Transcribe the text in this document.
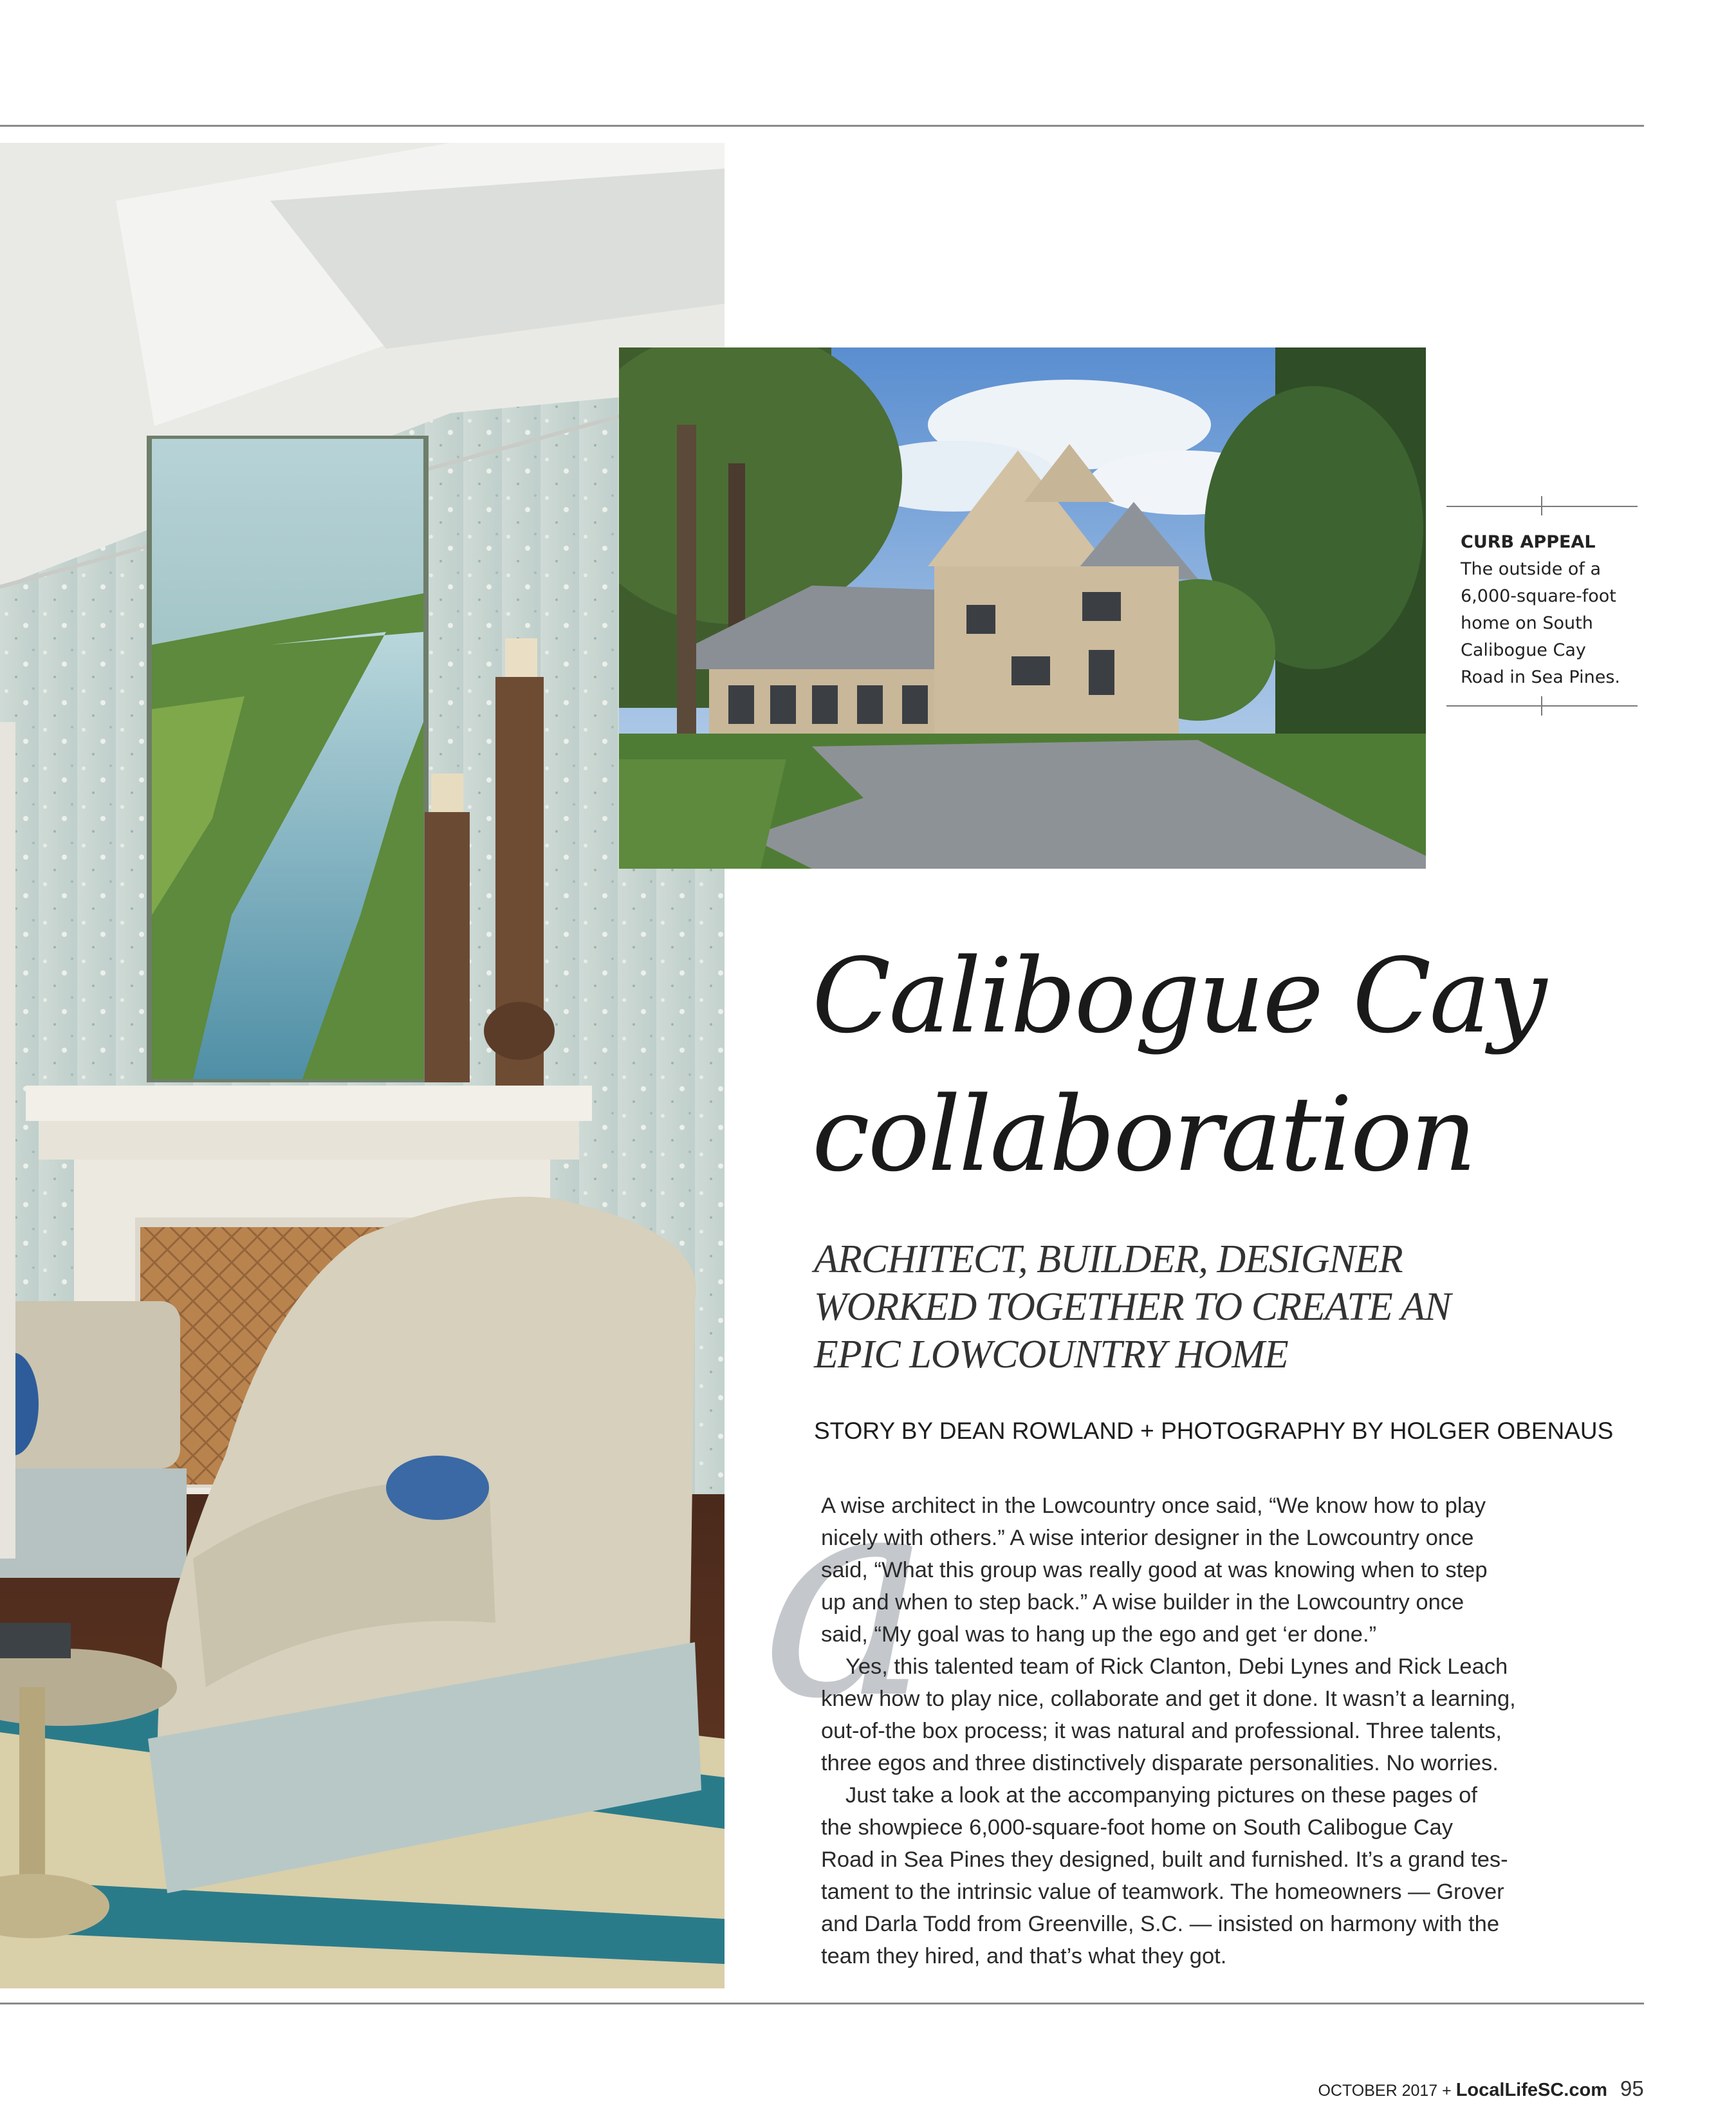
CURB APPEAL
The outside of a
6,000-square-foot
home on South
Calibogue Cay
Road in Sea Pines.
Calibogue Cay
collaboration
ARCHITECT, BUILDER, DESIGNER
WORKED TOGETHER TO CREATE AN
EPIC LOWCOUNTRY HOME
STORY BY DEAN ROWLAND + PHOTOGRAPHY BY HOLGER OBENAUS
a
A wise architect in the Lowcountry once said, “We know how to play
nicely with others.” A wise interior designer in the Lowcountry once
said, “What this group was really good at was knowing when to step
up and when to step back.” A wise builder in the Lowcountry once
said, “My goal was to hang up the ego and get ‘er done.”
Yes, this talented team of Rick Clanton, Debi Lynes and Rick Leach
knew how to play nice, collaborate and get it done. It wasn’t a learning,
out-of-the box process; it was natural and professional. Three talents,
three egos and three distinctively disparate personalities. No worries.
Just take a look at the accompanying pictures on these pages of
the showpiece 6,000-square-foot home on South Calibogue Cay
Road in Sea Pines they designed, built and furnished. It’s a grand tes-
tament to the intrinsic value of teamwork. The homeowners — Grover
and Darla Todd from Greenville, S.C. — insisted on harmony with the
team they hired, and that’s what they got.
OCTOBER 2017 + LocalLifeSC.com 95
